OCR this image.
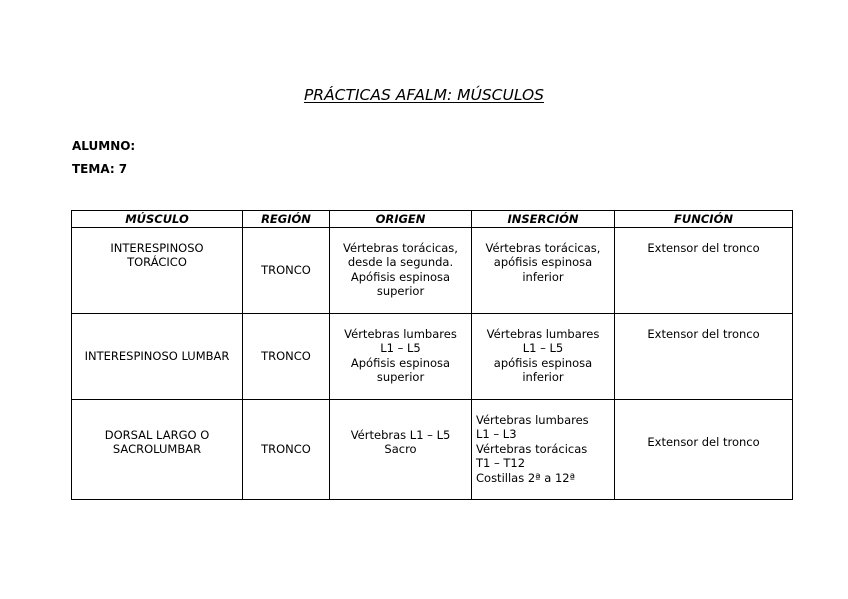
PRÁCTICAS AFALM: MÚSCULOS
ALUMNO:
TEMA: 7
MÚSCULO	REGIÓN	ORIGEN	INSERCIÓN	FUNCIÓN

INTERESPINOSO
TORÁCICO	TRONCO	Vértebras torácicas,
desde la segunda.
Apófisis espinosa
superior	Vértebras torácicas,
apófisis espinosa
inferior	Extensor del tronco

INTERESPINOSO LUMBAR	TRONCO	Vértebras lumbares
L1 – L5
Apófisis espinosa
superior	Vértebras lumbares
L1 – L5
apófisis espinosa
inferior	Extensor del tronco

DORSAL LARGO O
SACROLUMBAR	TRONCO	Vértebras L1 – L5
Sacro	Vértebras lumbares
L1 – L3
Vértebras torácicas
T1 – T12
Costillas 2ª a 12ª	Extensor del tronco
